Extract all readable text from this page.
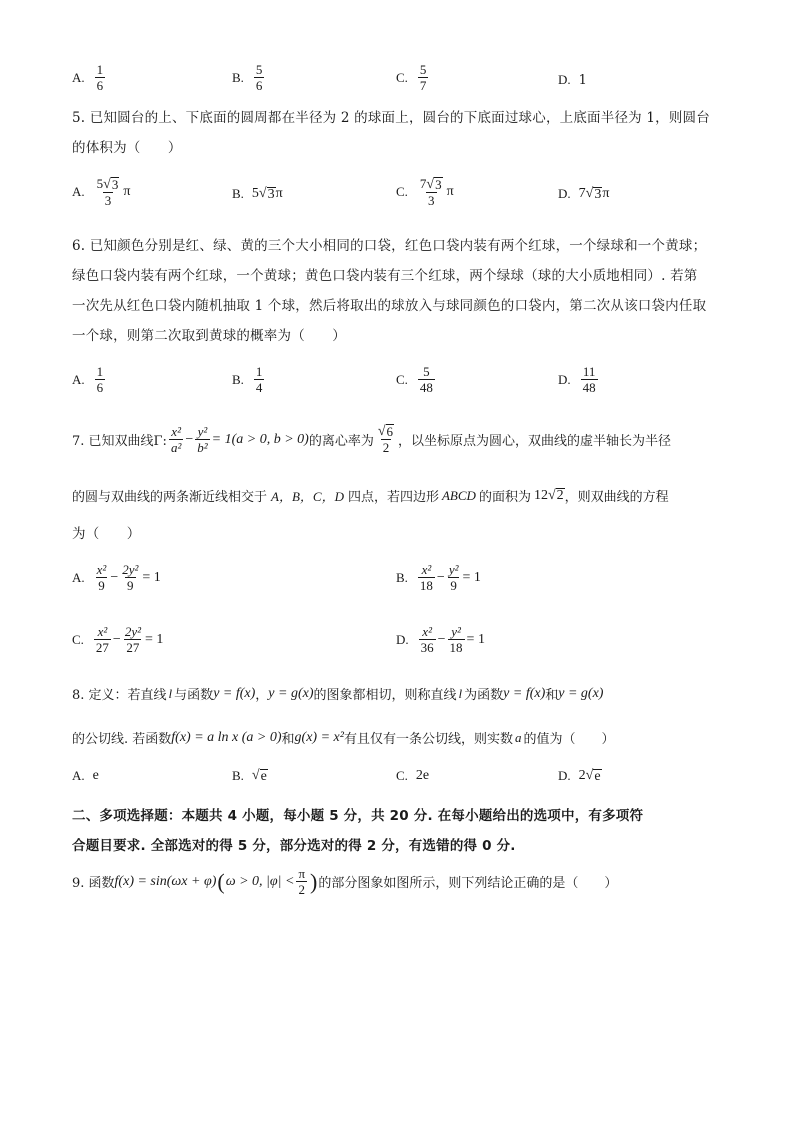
A. $\frac{1}{6}$	B. $\frac{5}{6}$	C. $\frac{5}{7}$	D. 1
5. 已知圆台的上、下底面的圆周都在半径为 2 的球面上，圆台的下底面过球心，上底面半径为 1，则圆台
的体积为（　　）
A. $\frac{5 √ 3}{3}$ π	B. 5 √ 3 π	C. $\frac{7 √ 3}{3}$ π	D. 7 √ 3 π
6. 已知颜色分别是红、绿、黄的三个大小相同的口袋，红色口袋内装有两个红球，一个绿球和一个黄球；
绿色口袋内装有两个红球，一个黄球；黄色口袋内装有三个红球，两个绿球（球的大小质地相同）. 若第
一次先从红色口袋内随机抽取 1 个球，然后将取出的球放入与球同颜色的口袋内，第二次从该口袋内任取
一个球，则第二次取到黄球的概率为（　　）
A. $\frac{1}{6}$	B. $\frac{1}{4}$	C. $\frac{5}{48}$	D. $\frac{11}{48}$
7. 已知双曲线Γ: $\frac{\text{x²}}{\text{a²}} - \frac{\text{y²}}{\text{b²}} = 1(a > 0$, b > 0) 的离心率为 $\frac{√ 6}{2}$ ，以坐标原点为圆心，双曲线的虚半轴长为半径
的圆与双曲线的两条渐近线相交于 A，B，C，D 四点，若四边形 ABCD 的面积为 12 √ 2 ，则双曲线的方程
为（　　）
A. $\frac{\text{x²}}{9} - \frac{\text{2y²}}{9} = 1$	B. $\frac{\text{x²}}{18} - \frac{\text{y²}}{9} = 1$
C. $\frac{\text{x²}}{27} - \frac{\text{2y²}}{27} = 1$	D. $\frac{\text{x²}}{36} - \frac{\text{y²}}{18} = 1$
8. 定义：若直线 l 与函数 y = f(x) ， y = g(x) 的图象都相切，则称直线 l 为函数 y = f(x) 和 y = g(x)
的公切线. 若函数 f(x) = a ln x (a > 0) 和 g(x) = x² 有且仅有一条公切线，则实数 a 的值为（　　）
A. e	B. √ e	C. 2e	D. 2 √ e
二、多项选择题：本题共 4 小题，每小题 5 分，共 20 分. 在每小题给出的选项中，有多项符
合题目要求. 全部选对的得 5 分，部分选对的得 2 分，有选错的得 0 分.
9. 函数 f(x) = sin(ωx + φ) ( ω > 0, $|\varphi| < \frac{\pi}{2}$ ) 的部分图象如图所示，则下列结论正确的是（　　）
